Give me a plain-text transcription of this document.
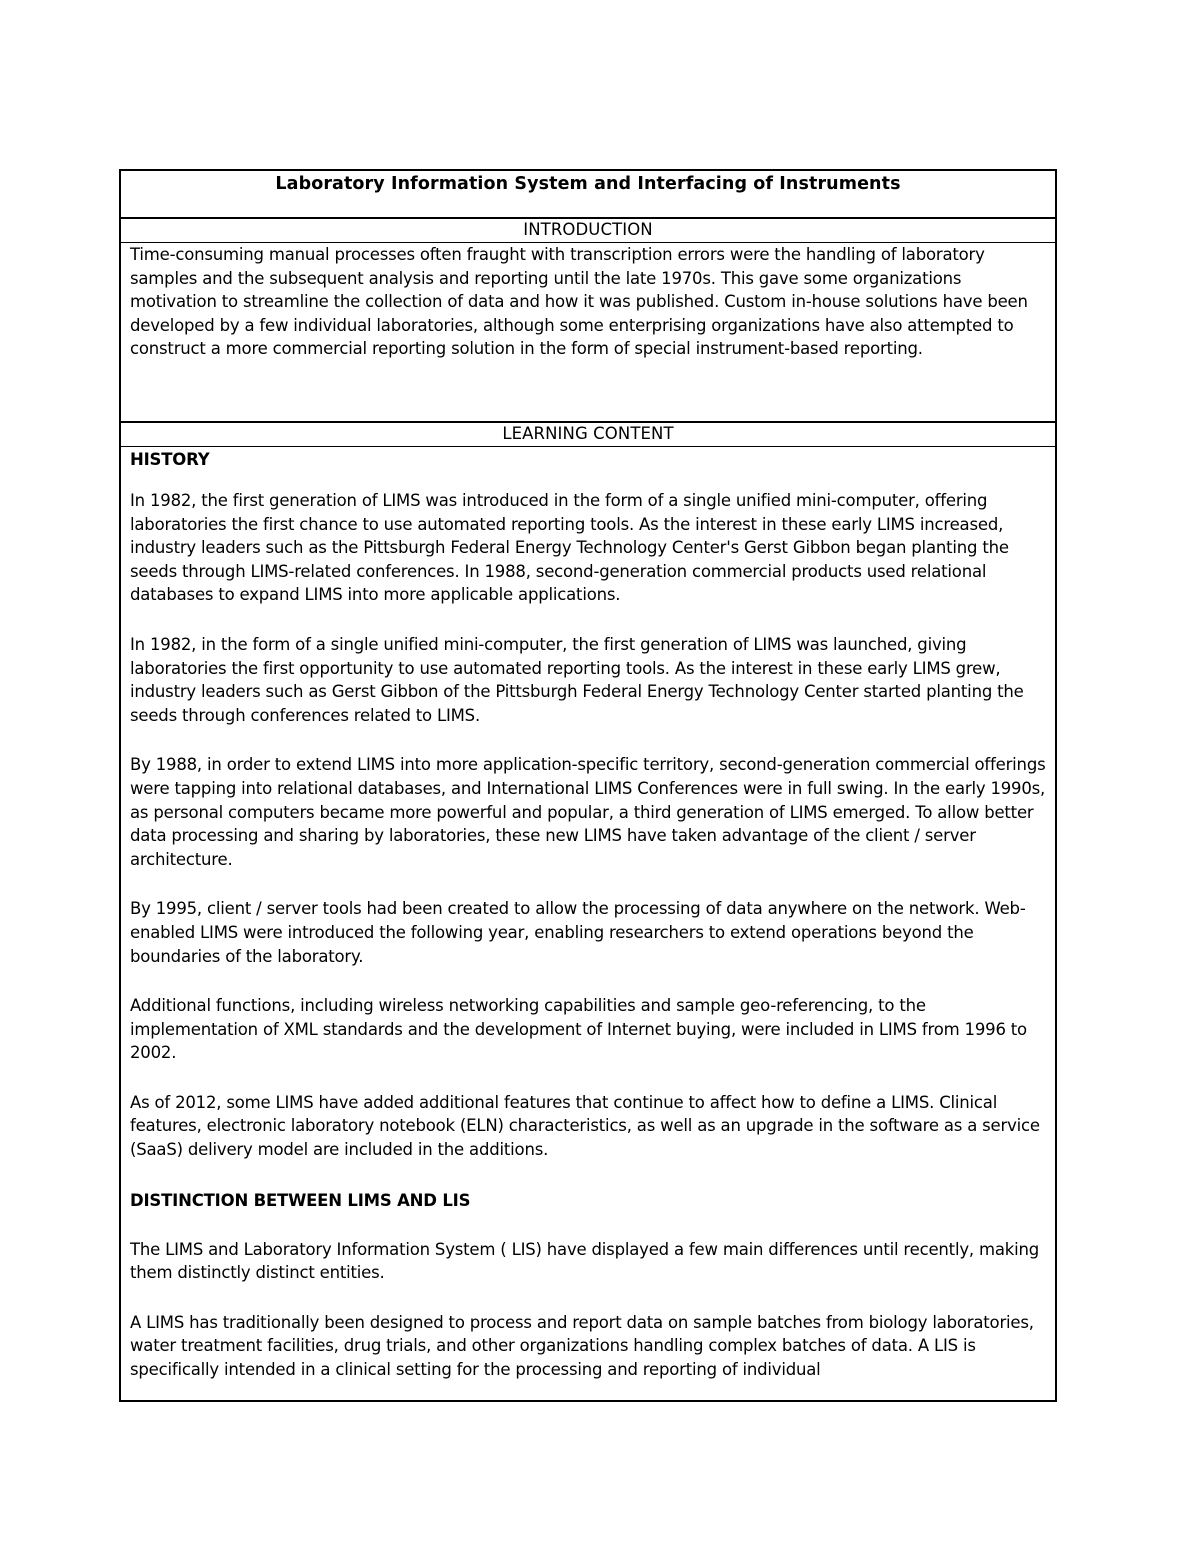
Laboratory Information System and Interfacing of Instruments
INTRODUCTION
Time-consuming manual processes often fraught with transcription errors were the handling of laboratory samples and the subsequent analysis and reporting until the late 1970s. This gave some organizations motivation to streamline the collection of data and how it was published. Custom in-house solutions have been developed by a few individual laboratories, although some enterprising organizations have also attempted to construct a more commercial reporting solution in the form of special instrument-based reporting.
LEARNING CONTENT

HISTORY

In 1982, the first generation of LIMS was introduced in the form of a single unified mini-computer, offering laboratories the first chance to use automated reporting tools. As the interest in these early LIMS increased, industry leaders such as the Pittsburgh Federal Energy Technology Center's Gerst Gibbon began planting the seeds through LIMS-related conferences. In 1988, second-generation commercial products used relational databases to expand LIMS into more applicable applications.

In 1982, in the form of a single unified mini-computer, the first generation of LIMS was launched, giving laboratories the first opportunity to use automated reporting tools. As the interest in these early LIMS grew, industry leaders such as Gerst Gibbon of the Pittsburgh Federal Energy Technology Center started planting the seeds through conferences related to LIMS.

By 1988, in order to extend LIMS into more application-specific territory, second-generation commercial offerings were tapping into relational databases, and International LIMS Conferences were in full swing. In the early 1990s, as personal computers became more powerful and popular, a third generation of LIMS emerged. To allow better data processing and sharing by laboratories, these new LIMS have taken advantage of the client / server architecture.

By 1995, client / server tools had been created to allow the processing of data anywhere on the network. Web-enabled LIMS were introduced the following year, enabling researchers to extend operations beyond the boundaries of the laboratory.

Additional functions, including wireless networking capabilities and sample geo-referencing, to the implementation of XML standards and the development of Internet buying, were included in LIMS from 1996 to 2002.

As of 2012, some LIMS have added additional features that continue to affect how to define a LIMS. Clinical features, electronic laboratory notebook (ELN) characteristics, as well as an upgrade in the software as a service (SaaS) delivery model are included in the additions.

DISTINCTION BETWEEN LIMS AND LIS

The LIMS and Laboratory Information System ( LIS) have displayed a few main differences until recently, making them distinctly distinct entities.

A LIMS has traditionally been designed to process and report data on sample batches from biology laboratories, water treatment facilities, drug trials, and other organizations handling complex batches of data. A LIS is specifically intended in a clinical setting for the processing and reporting of individual
